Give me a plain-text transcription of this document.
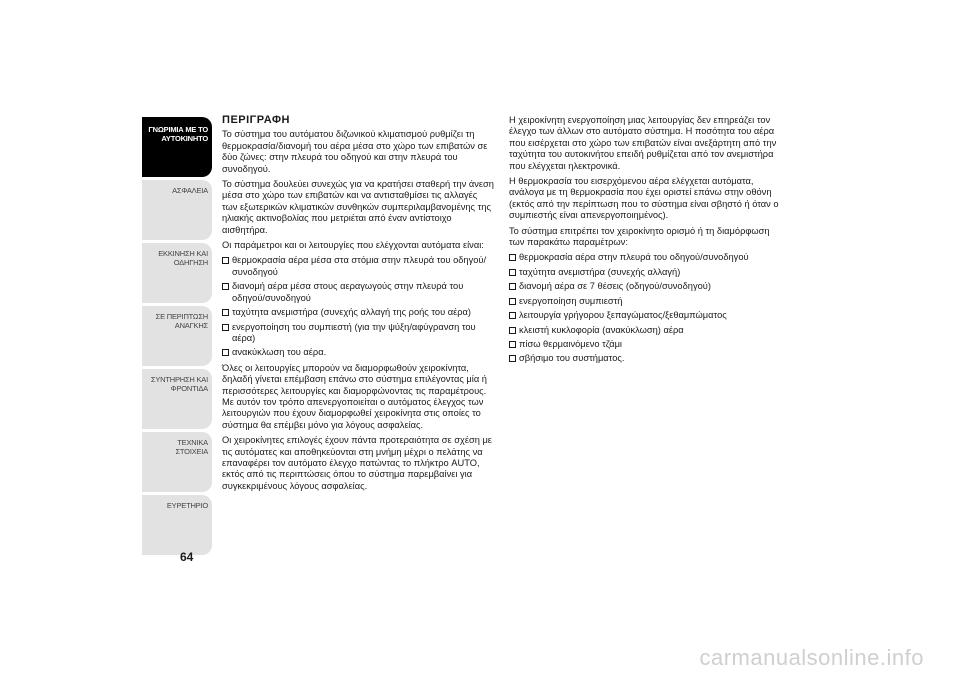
ΓΝΩΡΙΜΙΑ ΜΕ ΤΟ ΑΥΤΟΚΙΝΗΤΟ
ΑΣΦΑΛΕΙΑ
ΕΚΚΙΝΗΣΗ ΚΑΙ ΟΔΗΓΗΣΗ
ΣΕ ΠΕΡΙΠΤΩΣΗ ΑΝΑΓΚΗΣ
ΣΥΝΤΗΡΗΣΗ ΚΑΙ ΦΡΟΝΤΙΔΑ
ΤΕΧΝΙΚΑ ΣΤΟΙΧΕΙΑ
ΕΥΡΕΤΗΡΙΟ
64
ΠΕΡΙΓΡΑΦΗ

Το σύστημα του αυτόματου διζωνικού κλιματισμού ρυθμίζει τη θερμοκρασία/διανομή του αέρα μέσα στο χώρο των επιβατών σε δύο ζώνες: στην πλευρά του οδηγού και στην πλευρά του συνοδηγού.

Το σύστημα δουλεύει συνεχώς για να κρατήσει σταθερή την άνεση μέσα στο χώρο των επιβατών και να αντισταθμίσει τις αλλαγές των εξωτερικών κλιματικών συνθηκών συμπεριλαμβανομένης της ηλιακής ακτινοβολίας που μετριέται από έναν αντίστοιχο αισθητήρα.

Οι παράμετροι και οι λειτουργίες που ελέγχονται αυτόματα είναι:

θερμοκρασία αέρα μέσα στα στόμια στην πλευρά του οδηγού/συνοδηγού
διανομή αέρα μέσα στους αεραγωγούς στην πλευρά του οδηγού/συνοδηγού
ταχύτητα ανεμιστήρα (συνεχής αλλαγή της ροής του αέρα)
ενεργοποίηση του συμπιεστή (για την ψύξη/αφύγρανση του αέρα)
ανακύκλωση του αέρα.

Όλες οι λειτουργίες μπορούν να διαμορφωθούν χειροκίνητα, δηλαδή γίνεται επέμβαση επάνω στο σύστημα επιλέγοντας μία ή περισσότερες λειτουργίες και διαμορφώνοντας τις παραμέτρους. Με αυτόν τον τρόπο απενεργοποιείται ο αυτόματος έλεγχος των λειτουργιών που έχουν διαμορφωθεί χειροκίνητα στις οποίες το σύστημα θα επέμβει μόνο για λόγους ασφαλείας.

Οι χειροκίνητες επιλογές έχουν πάντα προτεραιότητα σε σχέση με τις αυτόματες και αποθηκεύονται στη μνήμη μέχρι ο πελάτης να επαναφέρει τον αυτόματο έλεγχο πατώντας το πλήκτρο AUTO, εκτός από τις περιπτώσεις όπου το σύστημα παρεμβαίνει για συγκεκριμένους λόγους ασφαλείας.

Η χειροκίνητη ενεργοποίηση μιας λειτουργίας δεν επηρεάζει τον έλεγχο των άλλων στο αυτόματο σύστημα. Η ποσότητα του αέρα που εισέρχεται στο χώρο των επιβατών είναι ανεξάρτητη από την ταχύτητα του αυτοκινήτου επειδή ρυθμίζεται από τον ανεμιστήρα που ελέγχεται ηλεκτρονικά.

Η θερμοκρασία του εισερχόμενου αέρα ελέγχεται αυτόματα, ανάλογα με τη θερμοκρασία που έχει οριστεί επάνω στην οθόνη (εκτός από την περίπτωση που το σύστημα είναι σβηστό ή όταν ο συμπιεστής είναι απενεργοποιημένος).

Το σύστημα επιτρέπει τον χειροκίνητο ορισμό ή τη διαμόρφωση των παρακάτω παραμέτρων:

θερμοκρασία αέρα στην πλευρά του οδηγού/συνοδηγού
ταχύτητα ανεμιστήρα (συνεχής αλλαγή)
διανομή αέρα σε 7 θέσεις (οδηγού/συνοδηγού)
ενεργοποίηση συμπιεστή
λειτουργία γρήγορου ξεπαγώματος/ξεθαμπώματος
κλειστή κυκλοφορία (ανακύκλωση) αέρα
πίσω θερμαινόμενο τζάμι
σβήσιμο του συστήματος.
carmanualsonline.info
